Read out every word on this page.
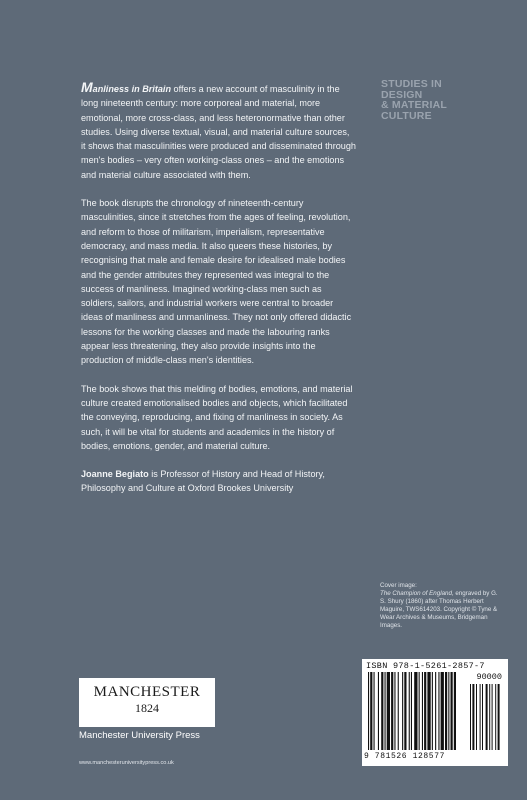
Manliness in Britain offers a new account of masculinity in the long nineteenth century: more corporeal and material, more emotional, more cross-class, and less heteronormative than other studies. Using diverse textual, visual, and material culture sources, it shows that masculinities were produced and disseminated through men's bodies – very often working-class ones – and the emotions and material culture associated with them.

The book disrupts the chronology of nineteenth-century masculinities, since it stretches from the ages of feeling, revolution, and reform to those of militarism, imperialism, representative democracy, and mass media. It also queers these histories, by recognising that male and female desire for idealised male bodies and the gender attributes they represented was integral to the success of manliness. Imagined working-class men such as soldiers, sailors, and industrial workers were central to broader ideas of manliness and unmanliness. They not only offered didactic lessons for the working classes and made the labouring ranks appear less threatening, they also provide insights into the production of middle-class men's identities.

The book shows that this melding of bodies, emotions, and material culture created emotionalised bodies and objects, which facilitated the conveying, reproducing, and fixing of manliness in society. As such, it will be vital for students and academics in the history of bodies, emotions, gender, and material culture.

Joanne Begiato is Professor of History and Head of History, Philosophy and Culture at Oxford Brookes University

STUDIES IN
DESIGN
& MATERIAL
CULTURE
Cover image:
The Champion of England, engraved by G. S. Shury (1860) after Thomas Herbert Maguire, TWS614203. Copyright © Tyne & Wear Archives & Museums, Bridgeman Images.
ISBN 978-1-5261-2857-7
90000
9 781526 128577
MANCHESTER
1824
Manchester University Press
www.manchesteruniversitypress.co.uk
